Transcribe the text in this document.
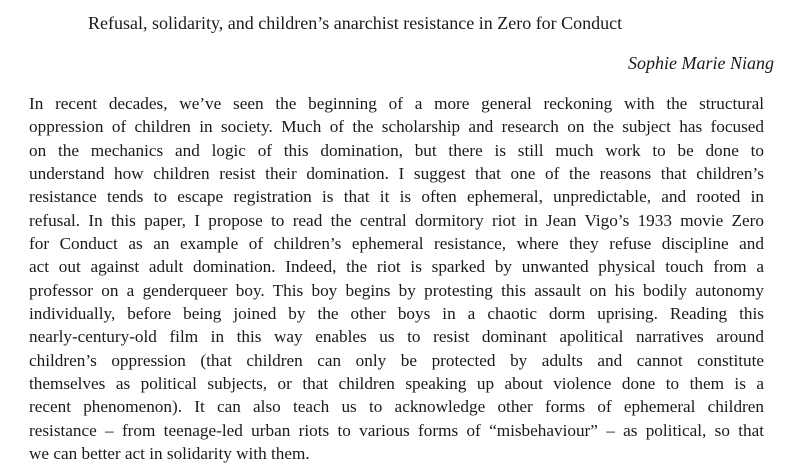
Refusal, solidarity, and children’s anarchist resistance in Zero for Conduct
Sophie Marie Niang
In recent decades, we’ve seen the beginning of a more general reckoning with the structural
oppression of children in society. Much of the scholarship and research on the subject has focused
on the mechanics and logic of this domination, but there is still much work to be done to
understand how children resist their domination. I suggest that one of the reasons that children’s
resistance tends to escape registration is that it is often ephemeral, unpredictable, and rooted in
refusal. In this paper, I propose to read the central dormitory riot in Jean Vigo’s 1933 movie Zero
for Conduct as an example of children’s ephemeral resistance, where they refuse discipline and
act out against adult domination. Indeed, the riot is sparked by unwanted physical touch from a
professor on a genderqueer boy. This boy begins by protesting this assault on his bodily autonomy
individually, before being joined by the other boys in a chaotic dorm uprising. Reading this
nearly-century-old film in this way enables us to resist dominant apolitical narratives around
children’s oppression (that children can only be protected by adults and cannot constitute
themselves as political subjects, or that children speaking up about violence done to them is a
recent phenomenon). It can also teach us to acknowledge other forms of ephemeral children
resistance – from teenage-led urban riots to various forms of “misbehaviour” – as political, so that
we can better act in solidarity with them.
